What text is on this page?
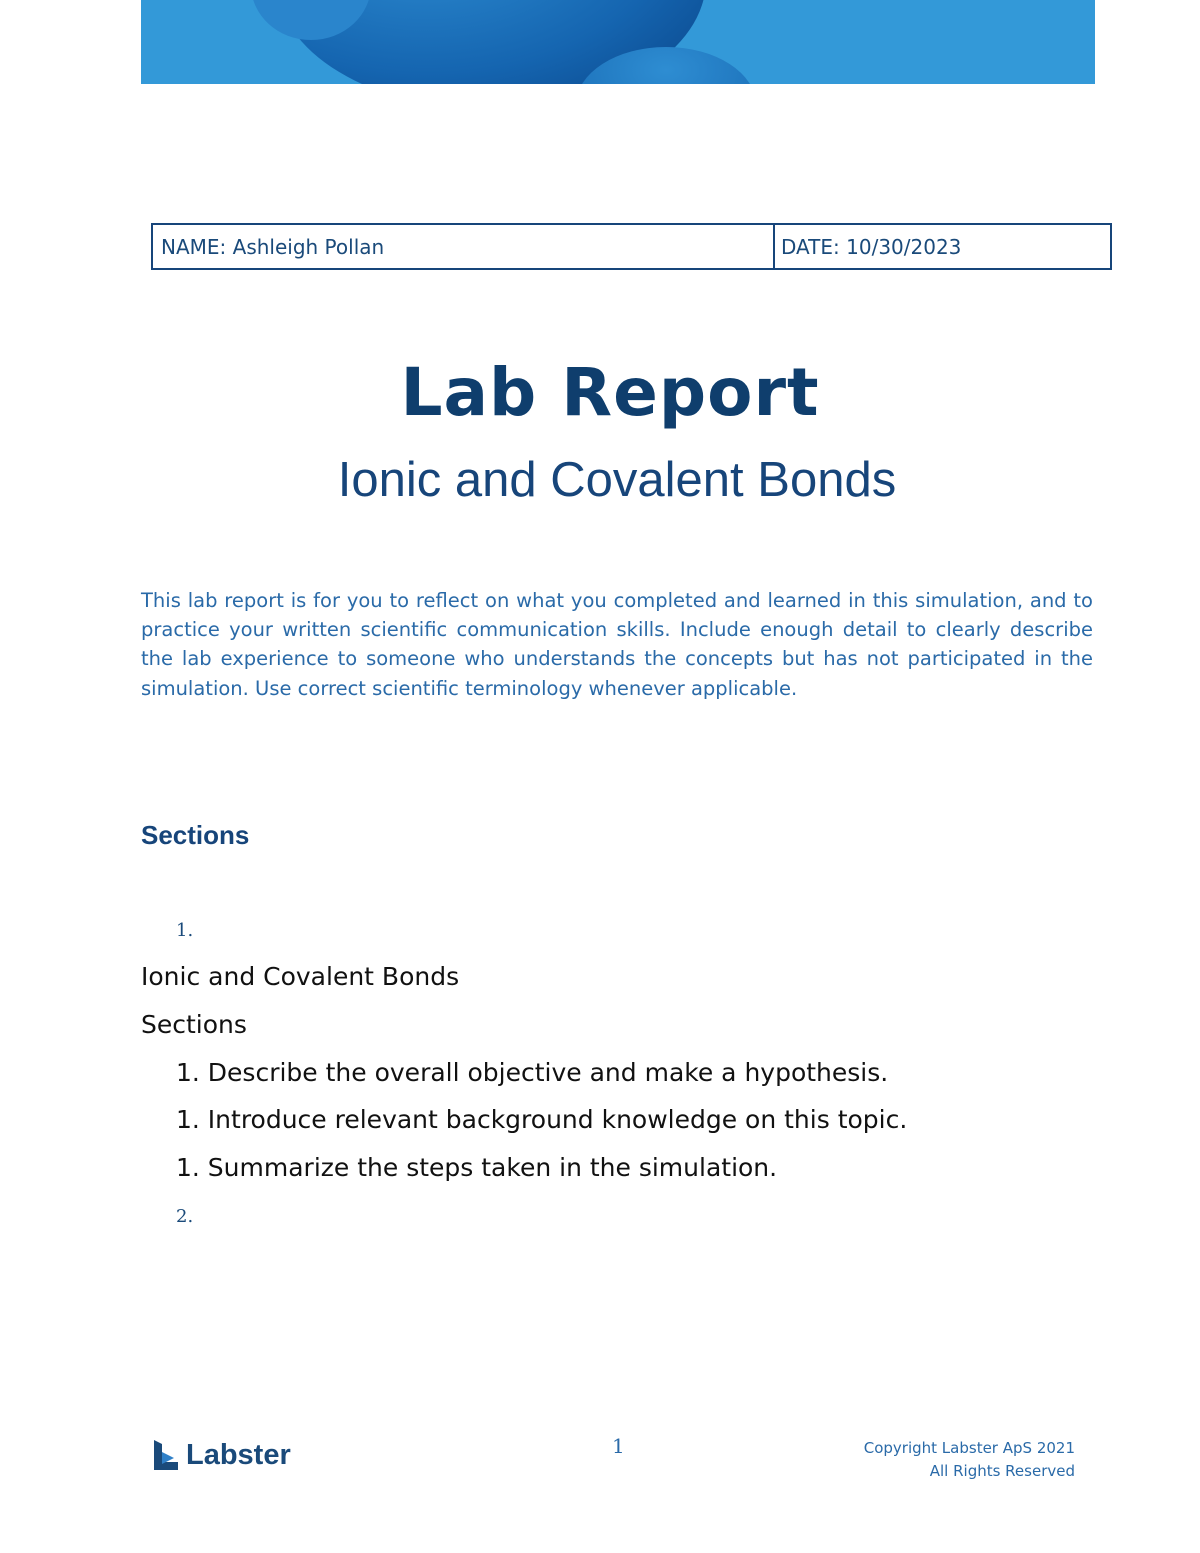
NAME: Ashleigh Pollan	DATE: 10/30/2023
Lab Report
Ionic and Covalent Bonds

This lab report is for you to reflect on what you completed and learned in this simulation, and to practice your written scientific communication skills. Include enough detail to clearly describe the lab experience to someone who understands the concepts but has not participated in the simulation. Use correct scientific terminology whenever applicable.

Sections
1.
Ionic and Covalent Bonds
Sections
1. Describe the overall objective and make a hypothesis.
1. Introduce relevant background knowledge on this topic.
1. Summarize the steps taken in the simulation.
2.
Labster	1	Copyright Labster ApS 2021
All Rights Reserved
